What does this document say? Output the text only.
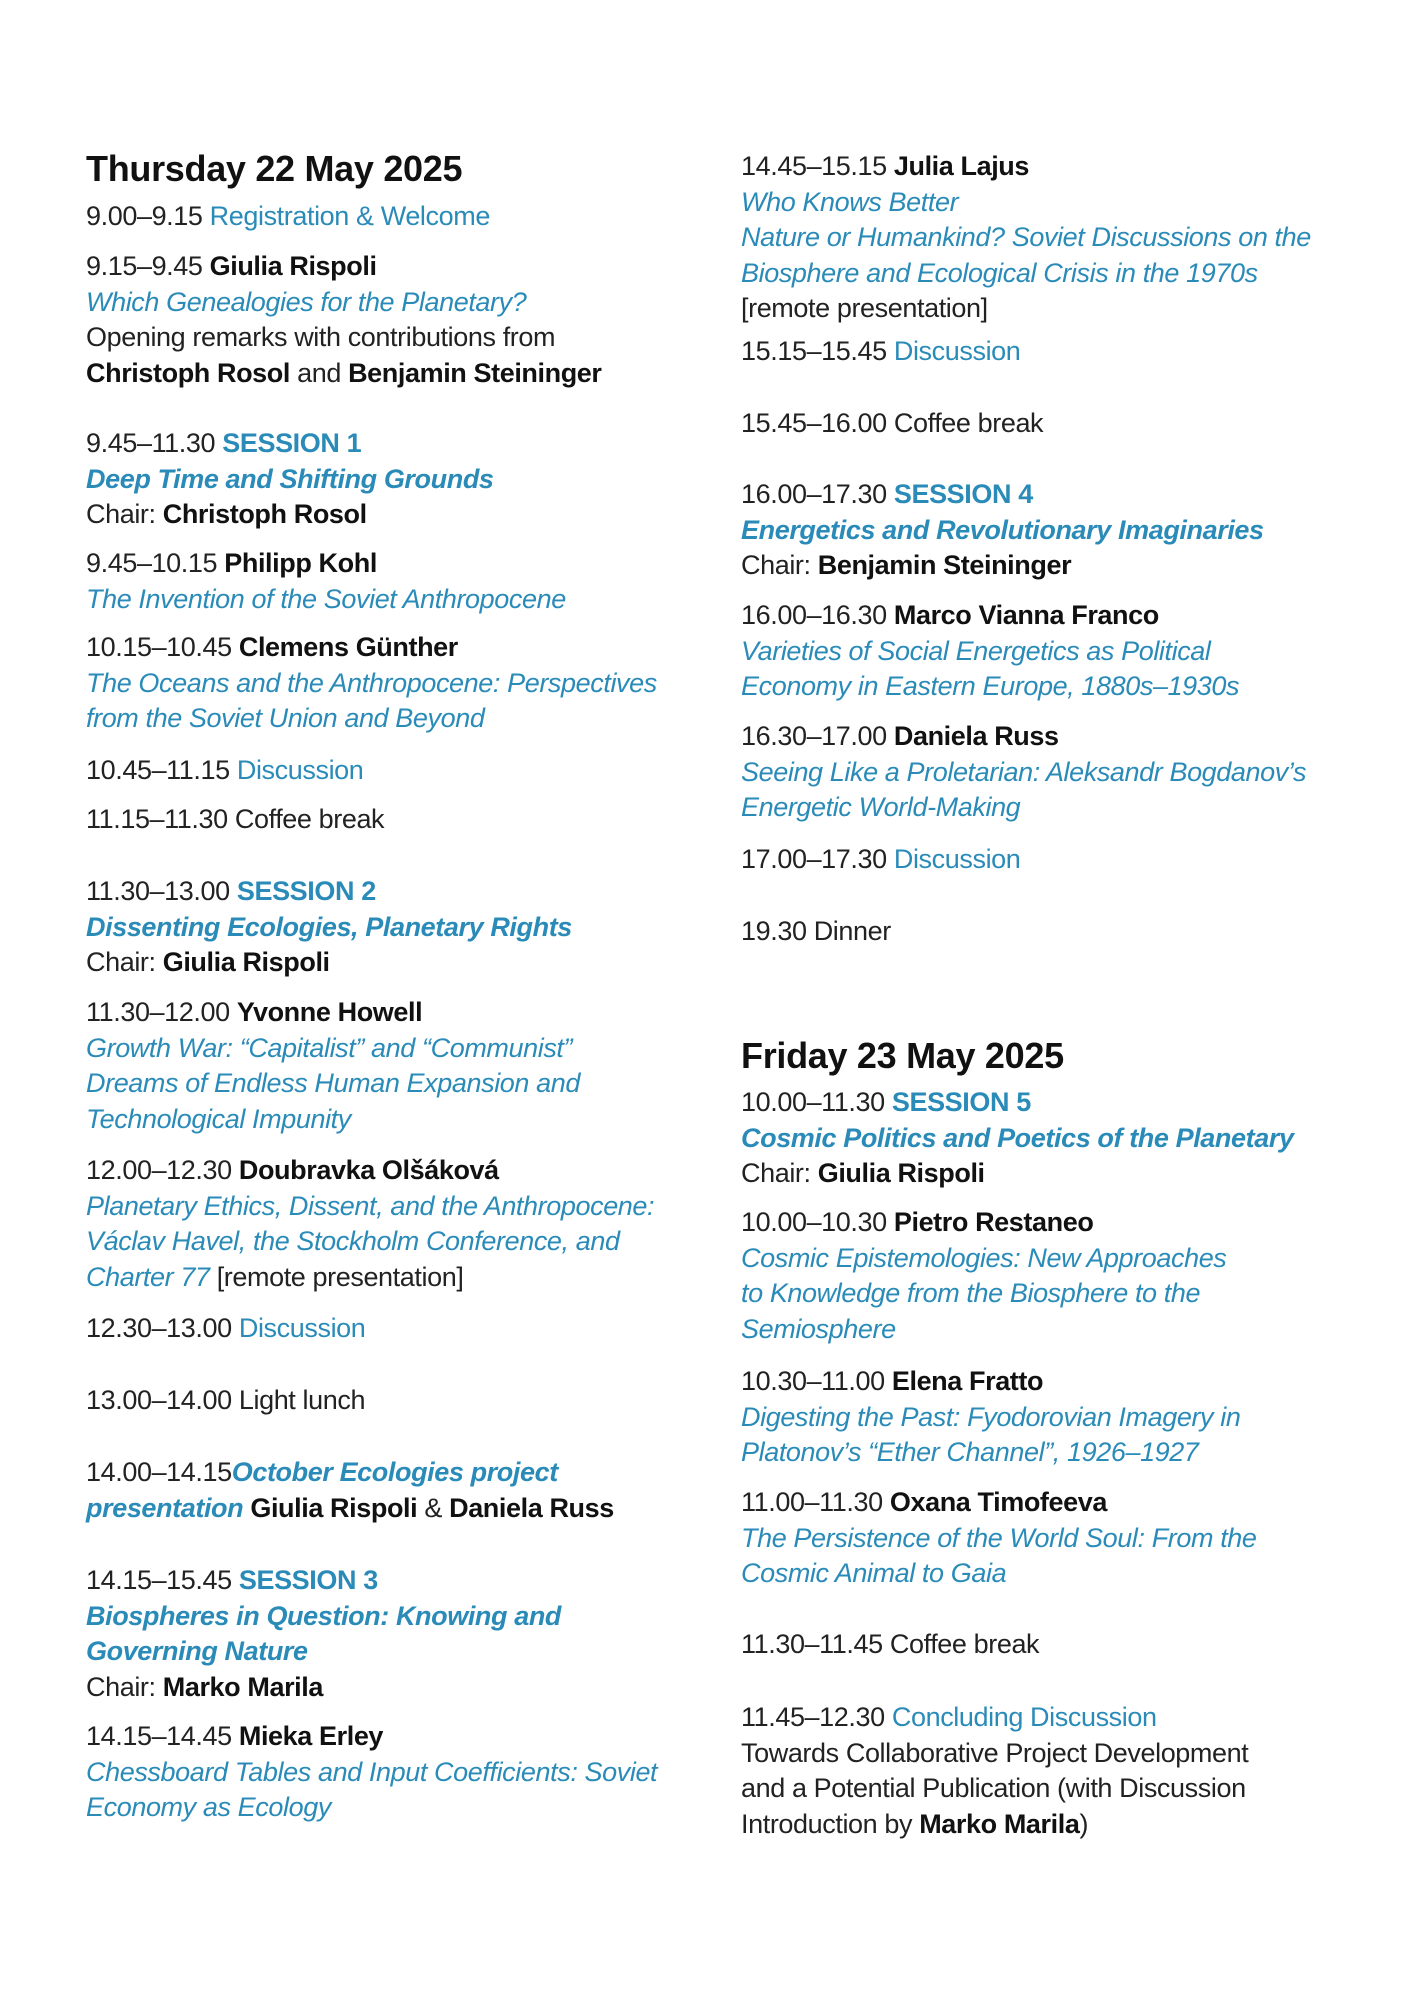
Thursday 22 May 2025
9.00–9.15 Registration & Welcome
9.15–9.45 Giulia Rispoli
Which Genealogies for the Planetary?
Opening remarks with contributions from
Christoph Rosol and Benjamin Steininger
9.45–11.30 SESSION 1
Deep Time and Shifting Grounds
Chair: Christoph Rosol
9.45–10.15 Philipp Kohl
The Invention of the Soviet Anthropocene
10.15–10.45 Clemens Günther
The Oceans and the Anthropocene: Perspectives
from the Soviet Union and Beyond
10.45–11.15 Discussion
11.15–11.30 Coffee break
11.30–13.00 SESSION 2
Dissenting Ecologies, Planetary Rights
Chair: Giulia Rispoli
11.30–12.00 Yvonne Howell
Growth War: “Capitalist” and “Communist”
Dreams of Endless Human Expansion and
Technological Impunity
12.00–12.30 Doubravka Olšáková
Planetary Ethics, Dissent, and the Anthropocene:
Václav Havel, the Stockholm Conference, and
Charter 77 [remote presentation]
12.30–13.00 Discussion
13.00–14.00 Light lunch
14.00–14.15October Ecologies project
presentation Giulia Rispoli & Daniela Russ
14.15–15.45 SESSION 3
Biospheres in Question: Knowing and
Governing Nature
Chair: Marko Marila
14.15–14.45 Mieka Erley
Chessboard Tables and Input Coefficients: Soviet
Economy as Ecology
14.45–15.15 Julia Lajus
Who Knows Better
Nature or Humankind? Soviet Discussions on the
Biosphere and Ecological Crisis in the 1970s
[remote presentation]
15.15–15.45 Discussion
15.45–16.00 Coffee break
16.00–17.30 SESSION 4
Energetics and Revolutionary Imaginaries
Chair: Benjamin Steininger
16.00–16.30 Marco Vianna Franco
Varieties of Social Energetics as Political
Economy in Eastern Europe, 1880s–1930s
16.30–17.00 Daniela Russ
Seeing Like a Proletarian: Aleksandr Bogdanov’s
Energetic World-Making
17.00–17.30 Discussion
19.30 Dinner
Friday 23 May 2025
10.00–11.30 SESSION 5
Cosmic Politics and Poetics of the Planetary
Chair: Giulia Rispoli
10.00–10.30 Pietro Restaneo
Cosmic Epistemologies: New Approaches
to Knowledge from the Biosphere to the
Semiosphere
10.30–11.00 Elena Fratto
Digesting the Past: Fyodorovian Imagery in
Platonov’s “Ether Channel”, 1926–1927
11.00–11.30 Oxana Timofeeva
The Persistence of the World Soul: From the
Cosmic Animal to Gaia
11.30–11.45 Coffee break
11.45–12.30 Concluding Discussion
Towards Collaborative Project Development
and a Potential Publication (with Discussion
Introduction by Marko Marila)
